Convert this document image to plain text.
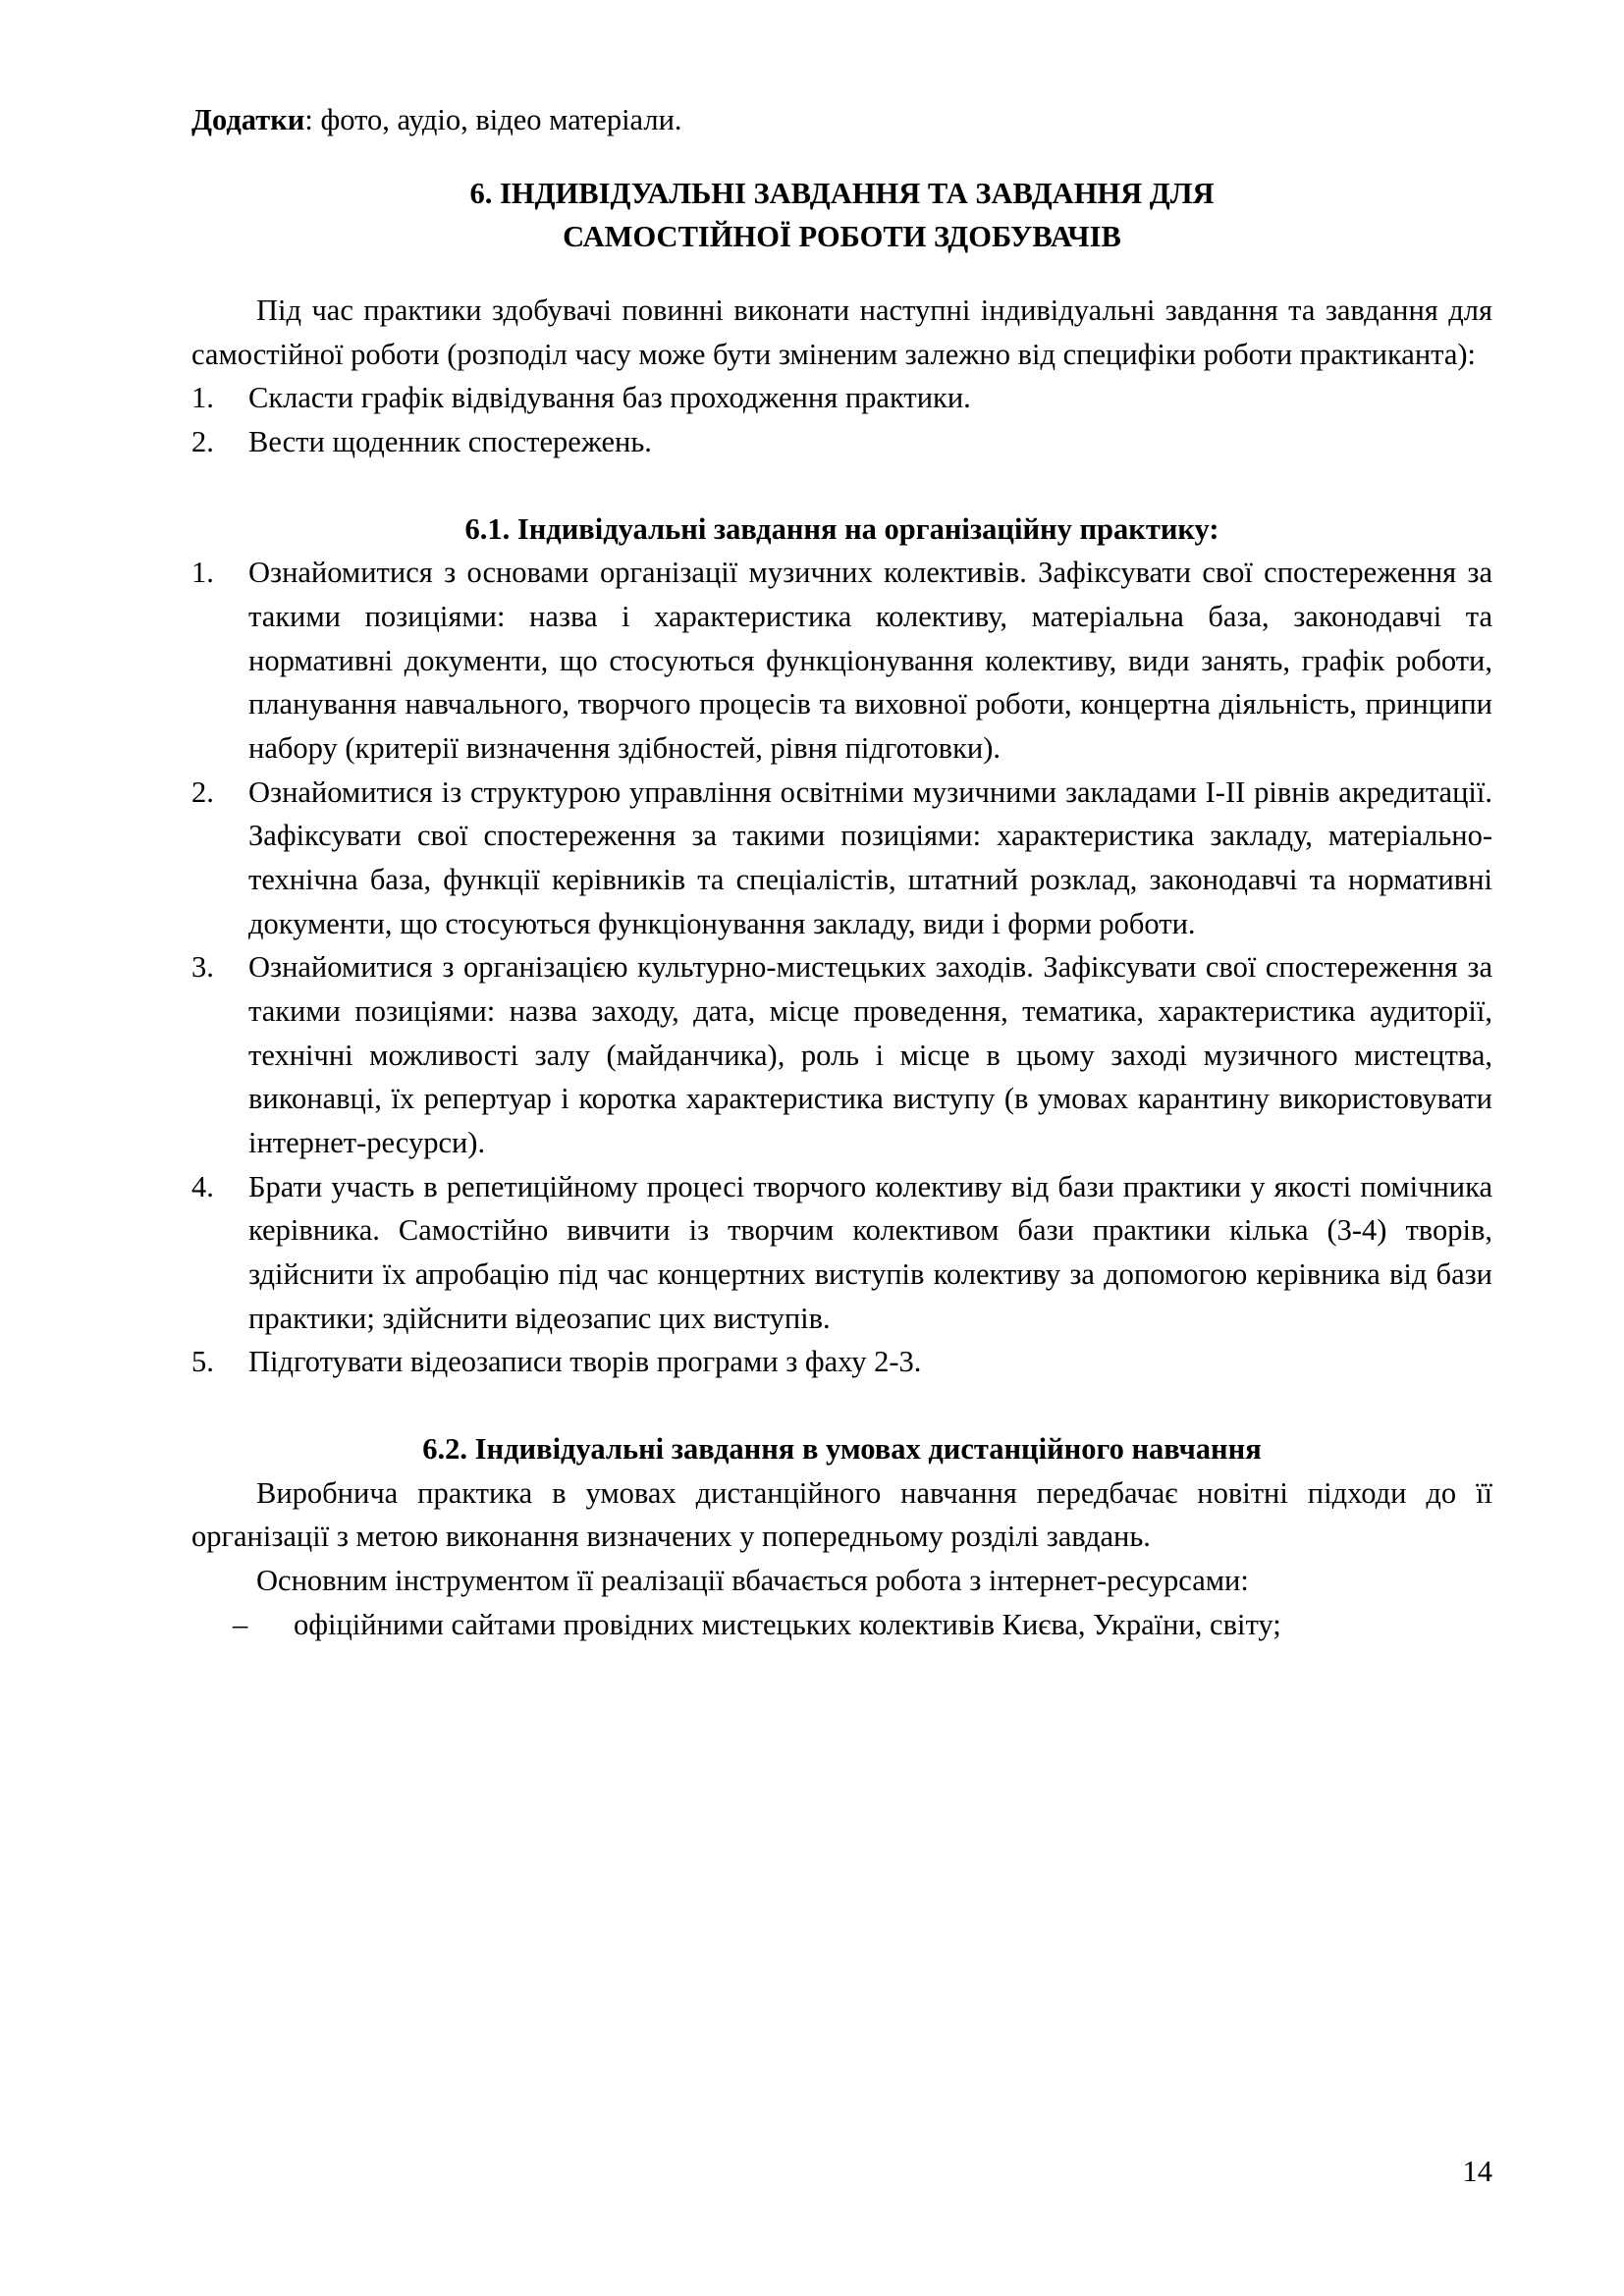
Додатки: фото, аудіо, відео матеріали.

6. ІНДИВІДУАЛЬНІ ЗАВДАННЯ ТА ЗАВДАННЯ ДЛЯ

САМОСТІЙНОЇ РОБОТИ ЗДОБУВАЧІВ

Під час практики здобувачі повинні виконати наступні індивідуальні завдання та завдання для самостійної роботи (розподіл часу може бути зміненим залежно від специфіки роботи практиканта):

1.	Скласти графік відвідування баз проходження практики.
2.	Вести щоденник спостережень.

6.1. Індивідуальні завдання на організаційну практику:

1.	Ознайомитися з основами організації музичних колективів. Зафіксувати свої спостереження за такими позиціями: назва і характеристика колективу, матеріальна база, законодавчі та нормативні документи, що стосуються функціонування колективу, види занять, графік роботи, планування навчального, творчого процесів та виховної роботи, концертна діяльність, принципи набору (критерії визначення здібностей, рівня підготовки).
2.	Ознайомитися із структурою управління освітніми музичними закладами І-ІІ рівнів акредитації. Зафіксувати свої спостереження за такими позиціями: характеристика закладу, матеріально-технічна база, функції керівників та спеціалістів, штатний розклад, законодавчі та нормативні документи, що стосуються функціонування закладу, види і форми роботи.
3.	Ознайомитися з організацією культурно-мистецьких заходів. Зафіксувати свої спостереження за такими позиціями: назва заходу, дата, місце проведення, тематика, характеристика аудиторії, технічні можливості залу (майданчика), роль і місце в цьому заході музичного мистецтва, виконавці, їх репертуар і коротка характеристика виступу (в умовах карантину використовувати інтернет-ресурси).
4.	Брати участь в репетиційному процесі творчого колективу від бази практики у якості помічника керівника. Самостійно вивчити із творчим колективом бази практики кілька (3-4) творів, здійснити їх апробацію під час концертних виступів колективу за допомогою керівника від бази практики; здійснити відеозапис цих виступів.
5.	Підготувати відеозаписи творів програми з фаху 2-3.

6.2. Індивідуальні завдання в умовах дистанційного навчання

Виробнича практика в умовах дистанційного навчання передбачає новітні підходи до її організації з метою виконання визначених у попередньому розділі завдань.

Основним інструментом її реалізації вбачається робота з інтернет-ресурсами:

– офіційними сайтами провідних мистецьких колективів Києва, України, світу;
14
